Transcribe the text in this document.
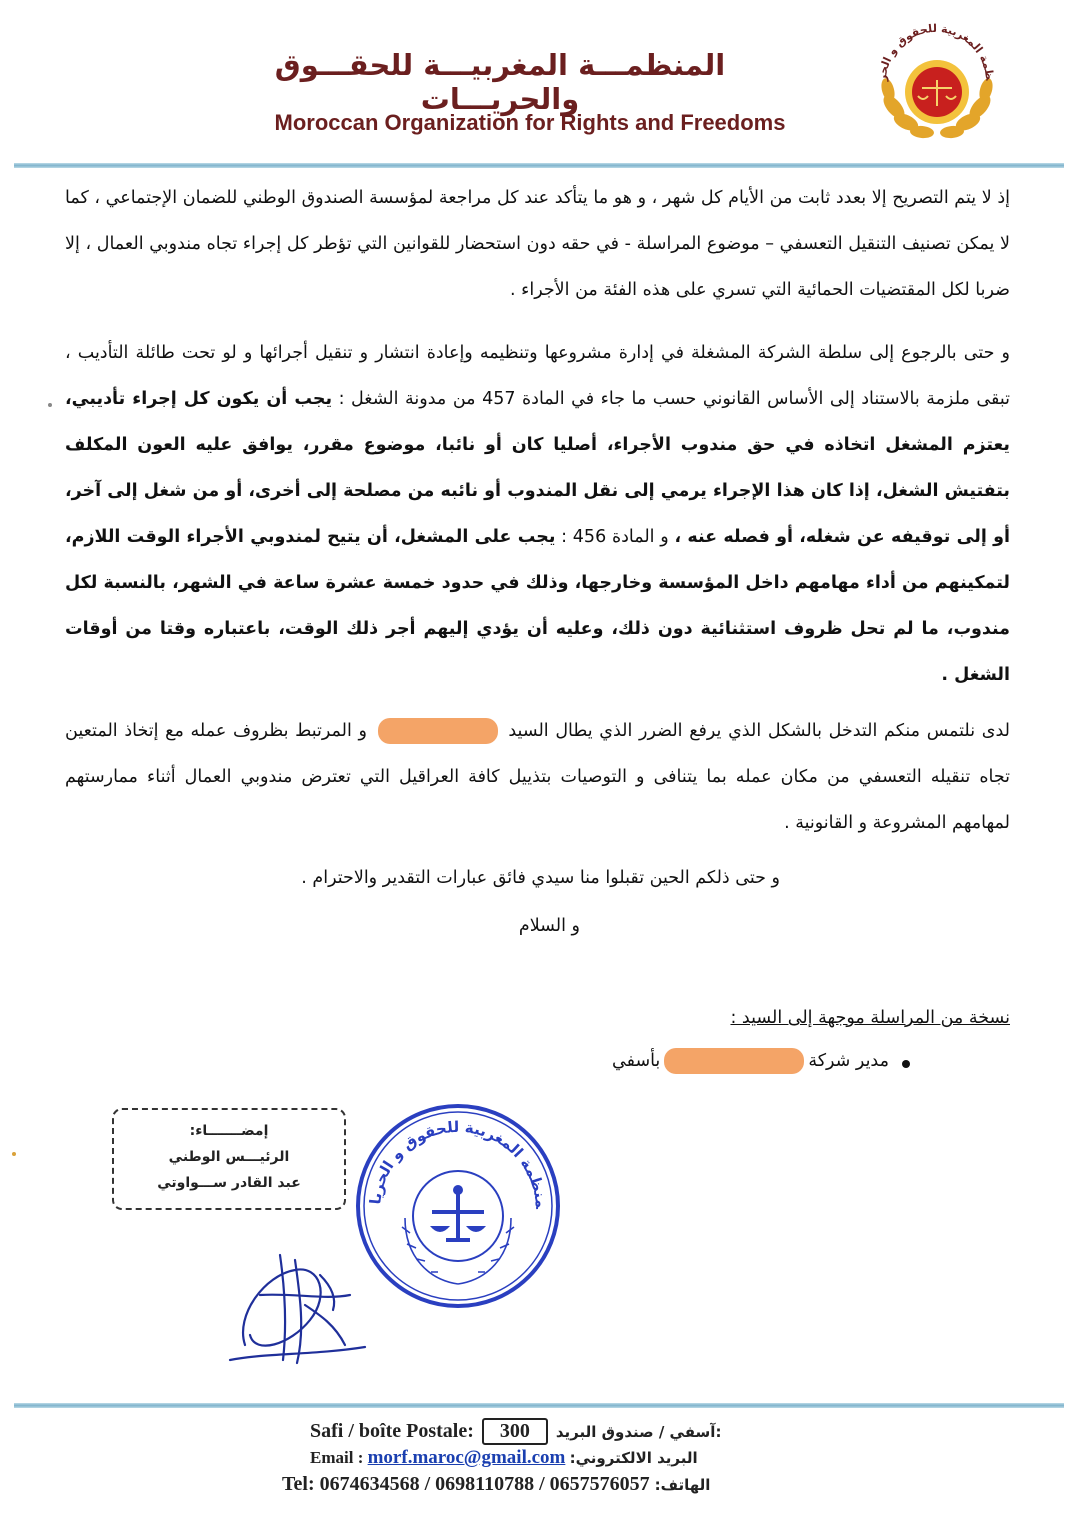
ظمة المغربية للحقوق و الحر
المنظمـــة المغربيـــة للحقـــوق والحريـــات
Moroccan Organization for Rights and Freedoms
إذ لا يتم التصريح إلا بعدد ثابت من الأيام كل شهر ، و هو ما يتأكد عند كل مراجعة لمؤسسة الصندوق الوطني للضمان الإجتماعي ، كما لا يمكن تصنيف التنقيل التعسفي – موضوع المراسلة - في حقه دون استحضار للقوانين التي تؤطر كل إجراء تجاه مندوبي العمال ، إلا ضربا لكل المقتضيات الحمائية التي تسري على هذه الفئة من الأجراء .
و حتى بالرجوع إلى سلطة الشركة المشغلة في إدارة مشروعها وتنظيمه وإعادة انتشار و تنقيل أجرائها و لو تحت طائلة التأديب ، تبقى ملزمة بالاستناد إلى الأساس القانوني حسب ما جاء في المادة 457 من مدونة الشغل : يجب أن يكون كل إجراء تأديبي، يعتزم المشغل اتخاذه في حق مندوب الأجراء، أصليا كان أو نائبا، موضوع مقرر، يوافق عليه العون المكلف بتفتيش الشغل، إذا كان هذا الإجراء يرمي إلى نقل المندوب أو نائبه من مصلحة إلى أخرى، أو من شغل إلى آخر، أو إلى توقيفه عن شغله، أو فصله عنه ، و المادة 456 : يجب على المشغل، أن يتيح لمندوبي الأجراء الوقت اللازم، لتمكينهم من أداء مهامهم داخل المؤسسة وخارجها، وذلك في حدود خمسة عشرة ساعة في الشهر، بالنسبة لكل مندوب، ما لم تحل ظروف استثنائية دون ذلك، وعليه أن يؤدي إليهم أجر ذلك الوقت، باعتباره وقتا من أوقات الشغل .
لدى نلتمس منكم التدخل بالشكل الذي يرفع الضرر الذي يطال السيد  و المرتبط بظروف عمله مع إتخاذ المتعين تجاه تنقيله التعسفي من مكان عمله بما يتنافى و التوصيات بتذييل كافة العراقيل التي تعترض مندوبي العمال أثناء ممارستهم لمهامهم المشروعة و القانونية .
و حتى ذلكم الحين تقبلوا منا سيدي فائق عبارات التقدير والاحترام .
و السلام
نسخة من المراسلة موجهة إلى السيد :
مدير شركة
بأسفي
إمضـــــــاء:
الرئيـــس الوطني
عبد القادر ســـواوتي
منظمة المغربية للحقوق و الحريا
Safi / boîte Postale:	300	آسفي / صندوق البريد:
Email : morf.maroc@gmail.com :البريد الالكتروني
Tel: 0674634568 / 0698110788 / 0657576057 :الهاتف
